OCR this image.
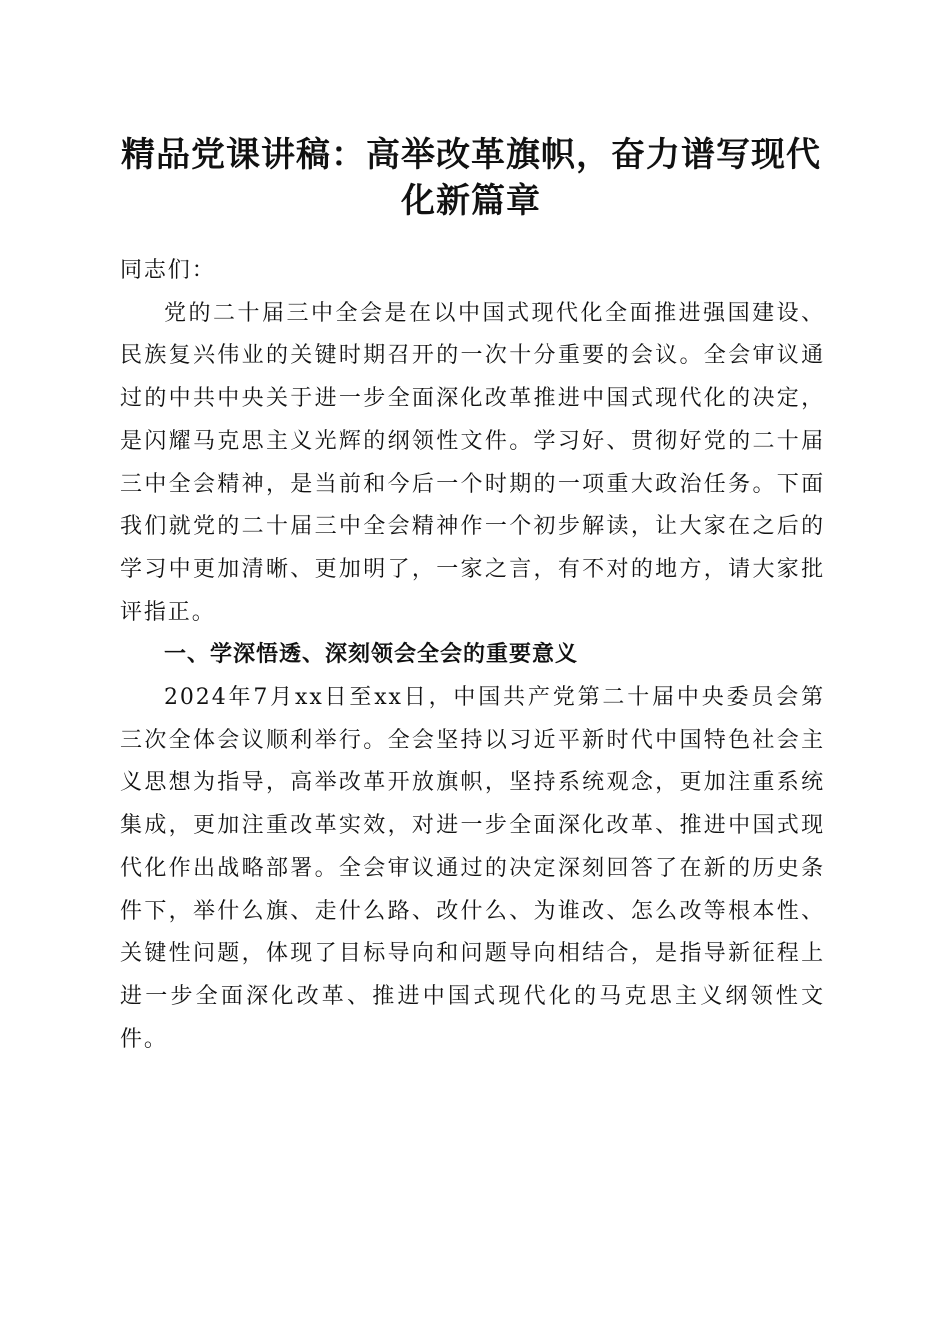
精品党课讲稿：高举改革旗帜，奋力谱写现代化新篇章

同志们：

党的二十届三中全会是在以中国式现代化全面推进强国建设、民族复兴伟业的关键时期召开的一次十分重要的会议。全会审议通过的中共中央关于进一步全面深化改革推进中国式现代化的决定，是闪耀马克思主义光辉的纲领性文件。学习好、贯彻好党的二十届三中全会精神，是当前和今后一个时期的一项重大政治任务。下面我们就党的二十届三中全会精神作一个初步解读，让大家在之后的学习中更加清晰、更加明了，一家之言，有不对的地方，请大家批评指正。

一、学深悟透、深刻领会全会的重要意义

2024年7月xx日至xx日，中国共产党第二十届中央委员会第三次全体会议顺利举行。全会坚持以习近平新时代中国特色社会主义思想为指导，高举改革开放旗帜，坚持系统观念，更加注重系统集成，更加注重改革实效，对进一步全面深化改革、推进中国式现代化作出战略部署。全会审议通过的决定深刻回答了在新的历史条件下，举什么旗、走什么路、改什么、为谁改、怎么改等根本性、关键性问题，体现了目标导向和问题导向相结合，是指导新征程上进一步全面深化改革、推进中国式现代化的马克思主义纲领性文件。
